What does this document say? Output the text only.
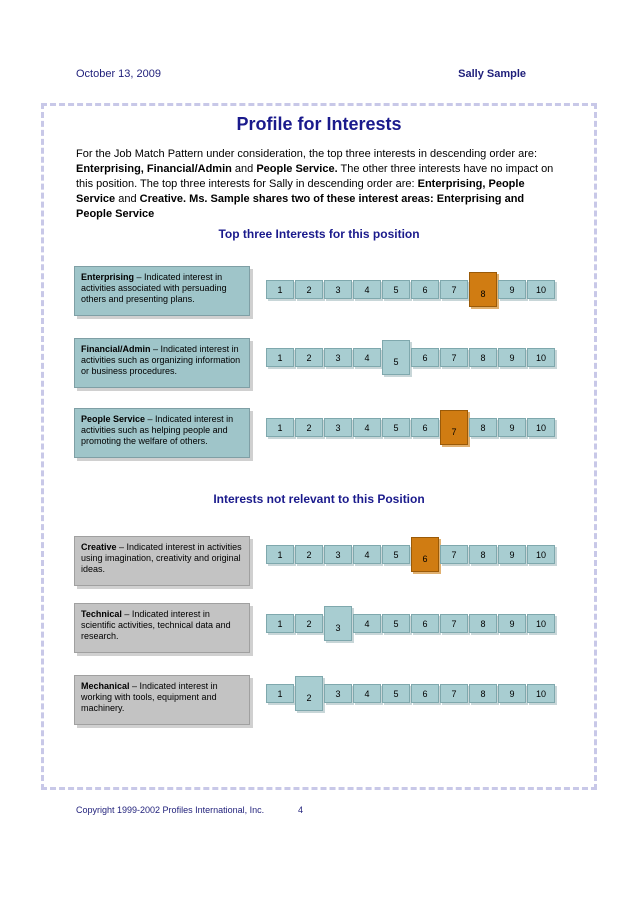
October 13, 2009	Sally Sample
Profile for Interests
For the Job Match Pattern under consideration, the top three interests in descending order are: Enterprising, Financial/Admin and People Service. The other three interests have no impact on this position. The top three interests for Sally in descending order are: Enterprising, People Service and Creative. Ms. Sample shares two of these interest areas: Enterprising and People Service
Top three Interests for this position
Interests not relevant to this Position
Enterprising – Indicated interest in activities associated with persuading others and presenting plans.
1	2	3	4	5	6	7	8	9	10
Financial/Admin – Indicated interest in activities such as organizing information or business procedures.
1	2	3	4	5	6	7	8	9	10
People Service – Indicated interest in activities such as helping people and promoting the welfare of others.
1	2	3	4	5	6	7	8	9	10
Creative – Indicated interest in activities using imagination, creativity and original ideas.
1	2	3	4	5	6	7	8	9	10
Technical – Indicated interest in scientific activities, technical data and research.
1	2	3	4	5	6	7	8	9	10
Mechanical – Indicated interest in working with tools, equipment and machinery.
1	2	3	4	5	6	7	8	9	10
Copyright 1999-2002 Profiles International, Inc.	4
